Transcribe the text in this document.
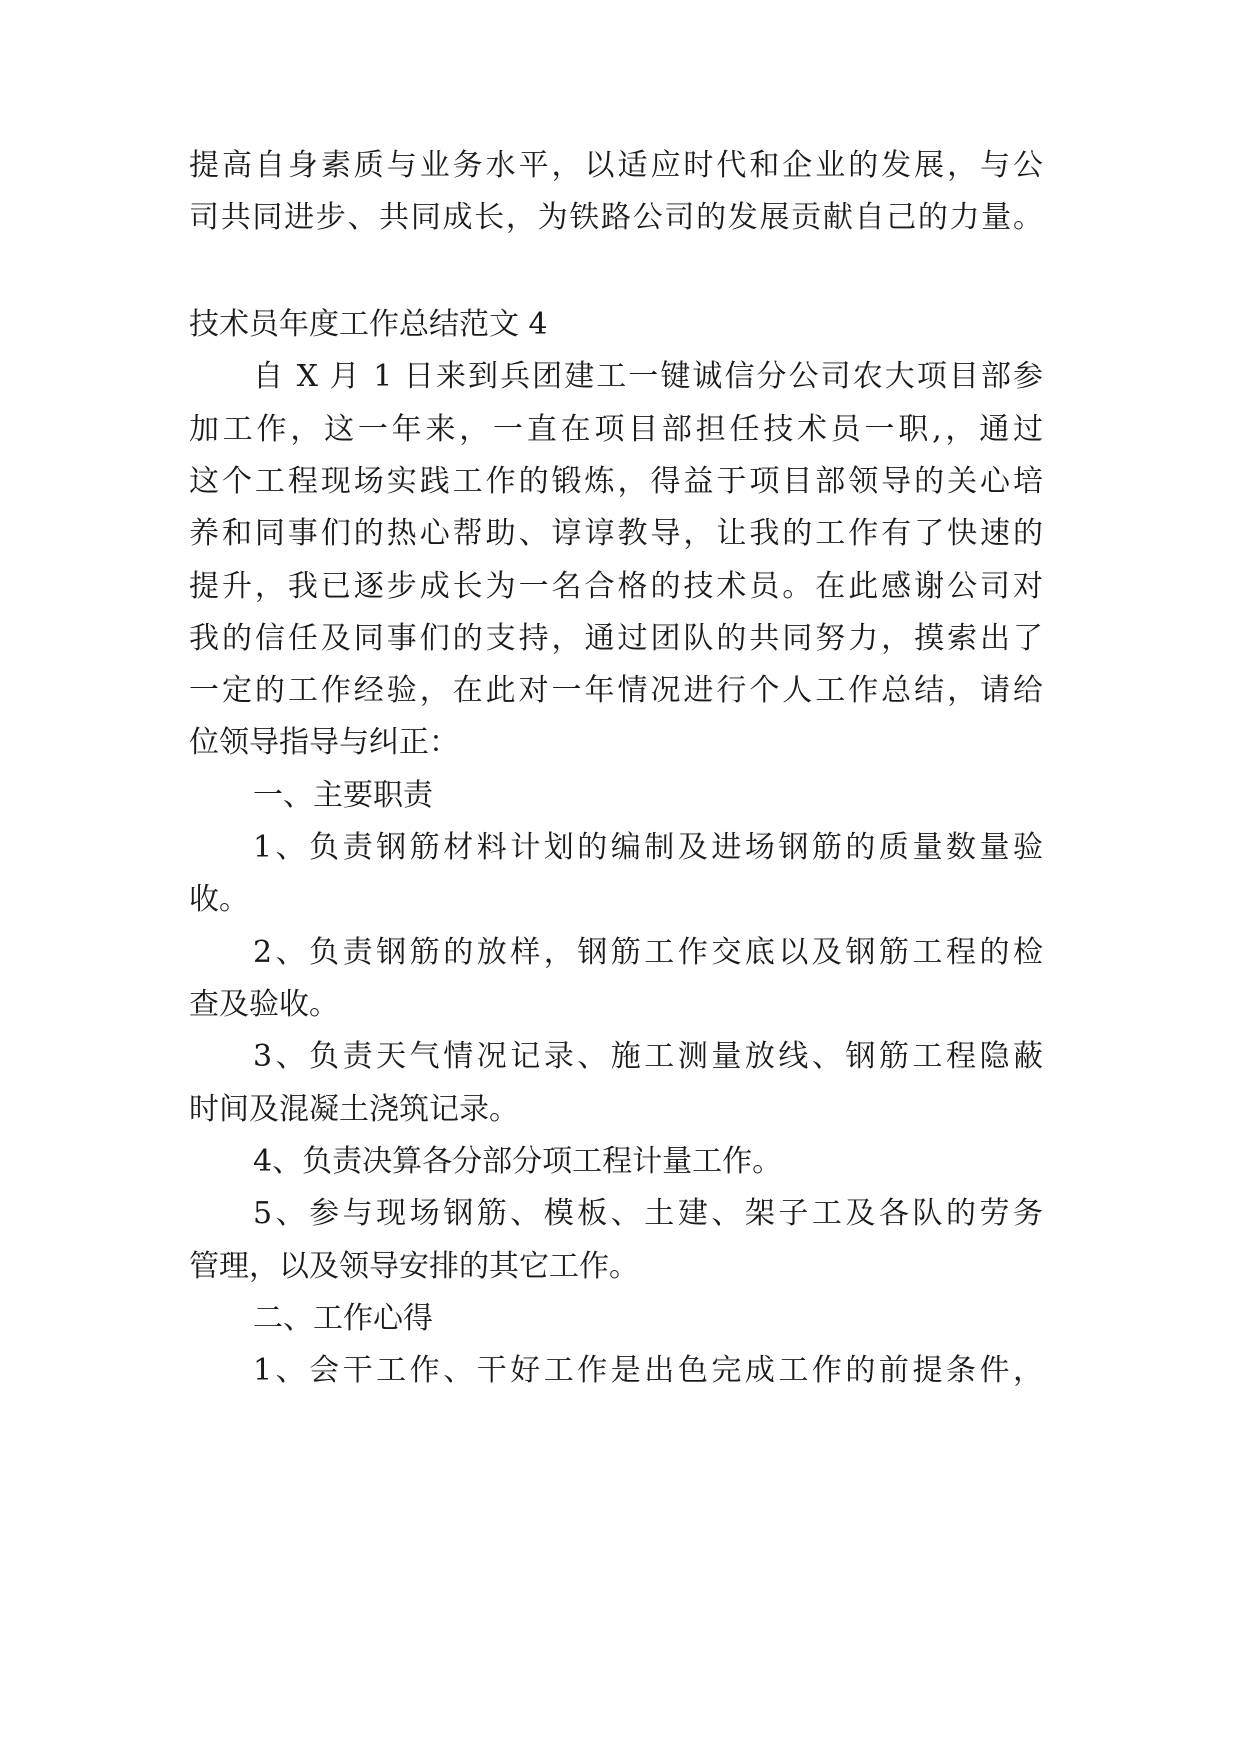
提高自身素质与业务水平，以适应时代和企业的发展，与公
司共同进步、共同成长，为铁路公司的发展贡献自己的力量。
技术员年度工作总结范文 4
自 X 月 1 日来到兵团建工一键诚信分公司农大项目部参
加工作，这一年来，一直在项目部担任技术员一职,，通过
这个工程现场实践工作的锻炼，得益于项目部领导的关心培
养和同事们的热心帮助、谆谆教导，让我的工作有了快速的
提升，我已逐步成长为一名合格的技术员。在此感谢公司对
我的信任及同事们的支持，通过团队的共同努力，摸索出了
一定的工作经验，在此对一年情况进行个人工作总结，请给
位领导指导与纠正：
一、主要职责
1、负责钢筋材料计划的编制及进场钢筋的质量数量验
收。
2、负责钢筋的放样，钢筋工作交底以及钢筋工程的检
查及验收。
3、负责天气情况记录、施工测量放线、钢筋工程隐蔽
时间及混凝土浇筑记录。
4、负责决算各分部分项工程计量工作。
5、参与现场钢筋、模板、土建、架子工及各队的劳务
管理，以及领导安排的其它工作。
二、工作心得
1、会干工作、干好工作是出色完成工作的前提条件，
